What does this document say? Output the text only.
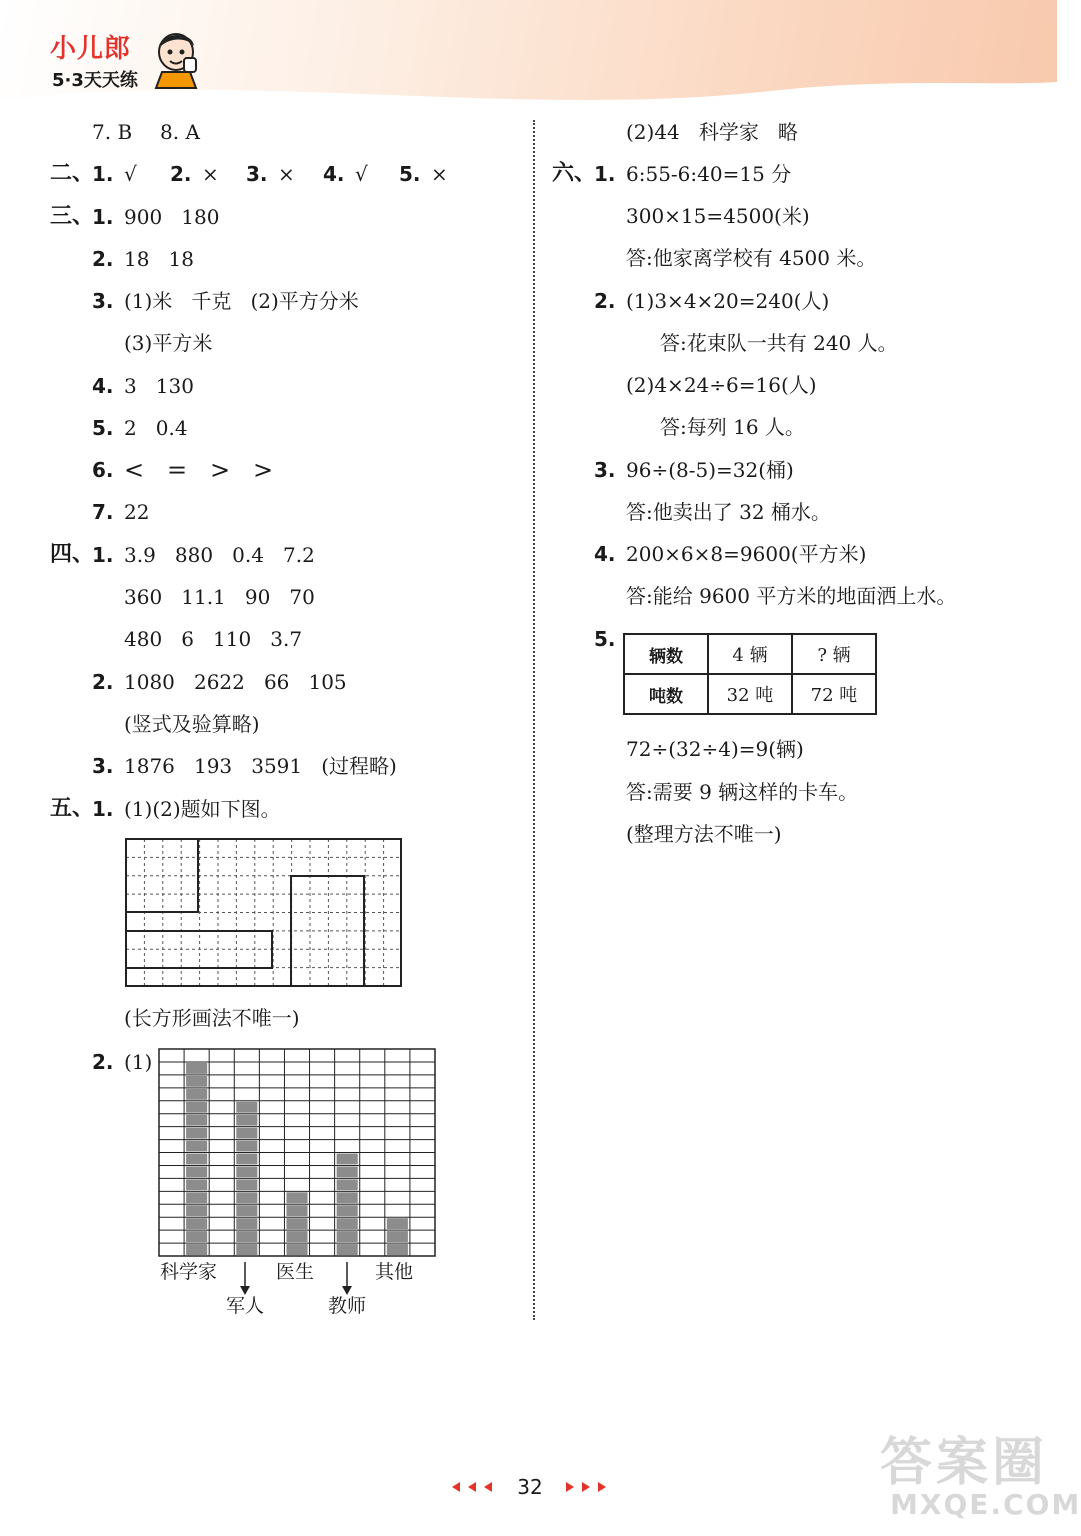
小儿郎
5·3天天练
7. B 8. A
二、
1. √ 2. × 3. × 4. √ 5. ×
三、
1. 900   180
2. 18   18
3. (1)米   千克   (2)平方分米
(3)平方米
4. 3   130
5. 2   0.4
6. <   =   >   >
7. 22
四、
1. 3.9   880   0.4   7.2
360   11.1   90   70
480   6   110   3.7
2. 1080   2622   66   105
(竖式及验算略)
3. 1876   193   3591   (过程略)
五、
1. (1)(2)题如下图。
(长方形画法不唯一)
2. (1)
科学家
军人
医生
教师
其他
(2)44   科学家   略
六、
1. 6:55-6:40=15 分
300×15=4500(米)
答:他家离学校有 4500 米。
2. (1)3×4×20=240(人)
答:花束队一共有 240 人。
(2)4×24÷6=16(人)
答:每列 16 人。
3. 96÷(8-5)=32(桶)
答:他卖出了 32 桶水。
4. 200×6×8=9600(平方米)
答:能给 9600 平方米的地面洒上水。
5.
辆数	4 辆	? 辆
吨数	32 吨	72 吨
72÷(32÷4)=9(辆)
答:需要 9 辆这样的卡车。
(整理方法不唯一)
32	答案圈
MXQE.COM
